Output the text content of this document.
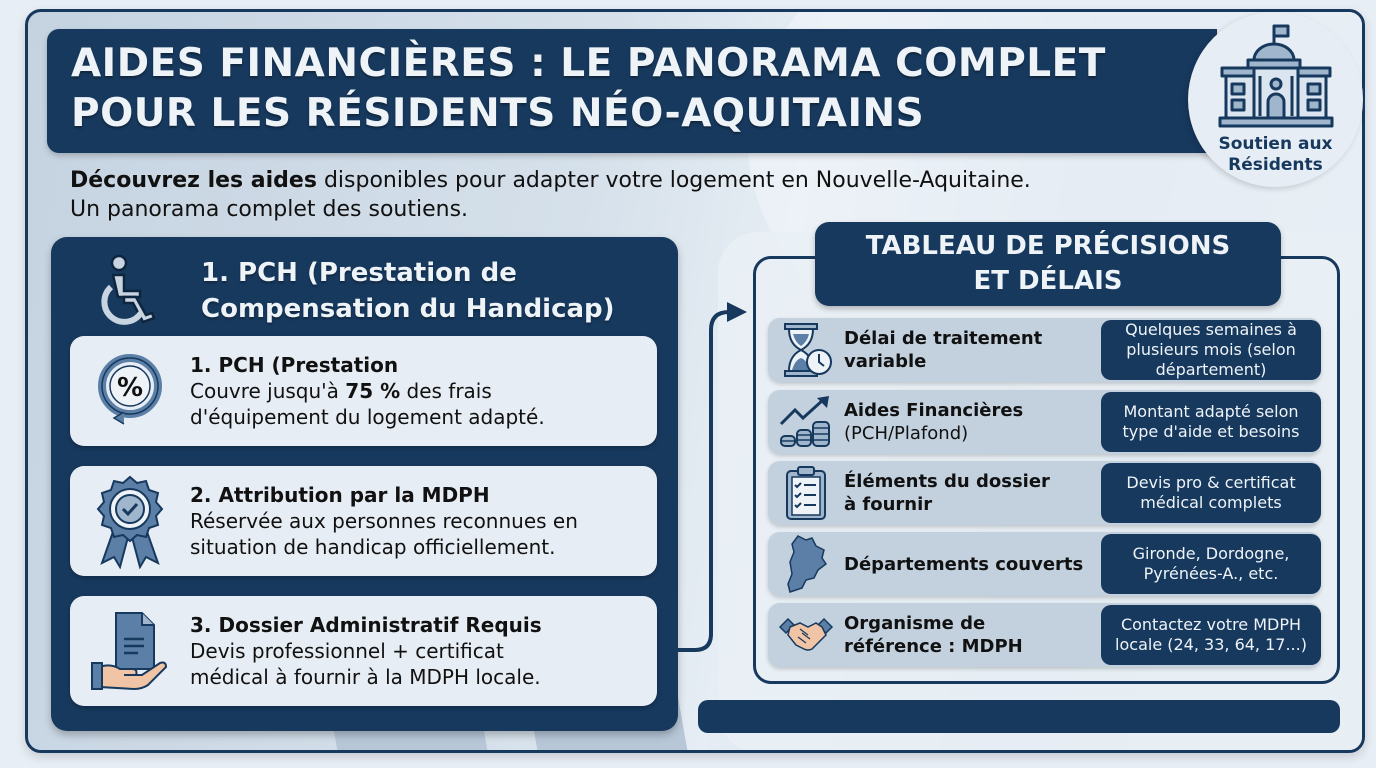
AIDES FINANCIÈRES : LE PANORAMA COMPLET
POUR LES RÉSIDENTS NÉO-AQUITAINS
Soutien aux
Résidents
Découvrez les aides disponibles pour adapter votre logement en Nouvelle-Aquitaine.
Un panorama complet des soutiens.
1. PCH (Prestation de
Compensation du Handicap)
%
1. PCH (Prestation
Couvre jusqu'à 75 % des frais
d'équipement du logement adapté.
2. Attribution par la MDPH
Réservée aux personnes reconnues en
situation de handicap officiellement.
3. Dossier Administratif Requis
Devis professionnel + certificat
médical à fournir à la MDPH locale.
TABLEAU DE PRÉCISIONS
ET DÉLAIS
Délai de traitement
variable
Quelques semaines à
plusieurs mois (selon
département)
Aides Financières
(PCH/Plafond)
Montant adapté selon
type d'aide et besoins
Éléments du dossier
à fournir
Devis pro & certificat
médical complets
Départements couverts	Gironde, Dordogne,
Pyrénées-A., etc.
Organisme de
référence : MDPH
Contactez votre MDPH
locale (24, 33, 64, 17...)
